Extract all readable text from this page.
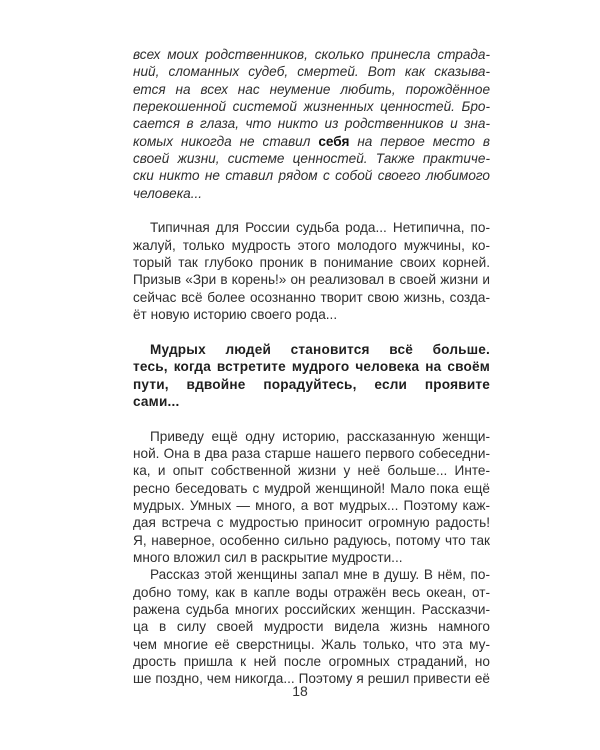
всех моих родственников, сколько принесла страда-
ний, сломанных судеб, смертей. Вот как сказыва-
ется на всех нас неумение любить, порождённое
перекошенной системой жизненных ценностей. Бро-
сается в глаза, что никто из родственников и зна-
комых никогда не ставил себя на первое место в
своей жизни, системе ценностей. Также практиче-
ски никто не ставил рядом с собой своего любимого
человека...
Типичная для России судьба рода... Нетипична, по-
жалуй, только мудрость этого молодого мужчины, ко-
торый так глубоко проник в понимание своих корней.
Призыв «Зри в корень!» он реализовал в своей жизни и
сейчас всё более осознанно творит свою жизнь, созда-
ёт новую историю своего рода...
Мудрых людей становится всё больше.
тесь, когда встретите мудрого человека на своём
пути, вдвойне порадуйтесь, если проявите
сами...
Приведу ещё одну историю, рассказанную женщи-
ной. Она в два раза старше нашего первого собеседни-
ка, и опыт собственной жизни у неё больше... Инте-
ресно беседовать с мудрой женщиной! Мало пока ещё
мудрых. Умных — много, а вот мудрых... Поэтому каж-
дая встреча с мудростью приносит огромную радость!
Я, наверное, особенно сильно радуюсь, потому что так
много вложил сил в раскрытие мудрости...
Рассказ этой женщины запал мне в душу. В нём, по-
добно тому, как в капле воды отражён весь океан, от-
ражена судьба многих российских женщин. Рассказчи-
ца в силу своей мудрости видела жизнь намного
чем многие её сверстницы. Жаль только, что эта му-
дрость пришла к ней после огромных страданий, но
ше поздно, чем никогда... Поэтому я решил привести её
18
